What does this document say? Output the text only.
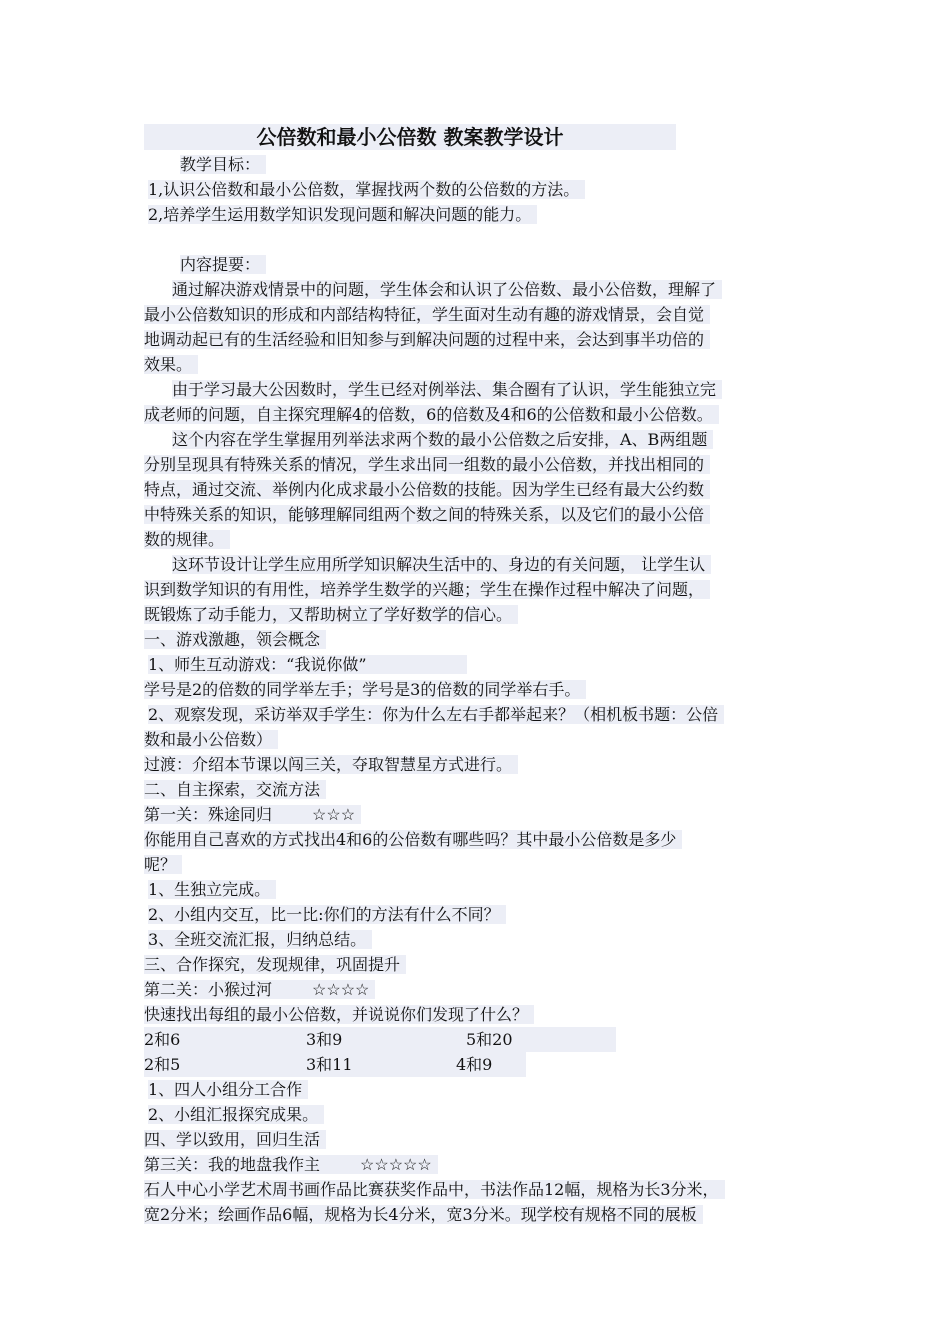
公倍数和最小公倍数 教案教学设计
教学目标：
1,认识公倍数和最小公倍数，掌握找两个数的公倍数的方法。
2,培养学生运用数学知识发现问题和解决问题的能力。
内容提要：
通过解决游戏情景中的问题，学生体会和认识了公倍数、最小公倍数，理解了
最小公倍数知识的形成和内部结构特征，学生面对生动有趣的游戏情景，会自觉
地调动起已有的生活经验和旧知参与到解决问题的过程中来，会达到事半功倍的
效果。
由于学习最大公因数时，学生已经对例举法、集合圈有了认识，学生能独立完
成老师的问题，自主探究理解4的倍数，6的倍数及4和6的公倍数和最小公倍数。
这个内容在学生掌握用列举法求两个数的最小公倍数之后安排，A、B两组题
分别呈现具有特殊关系的情况，学生求出同一组数的最小公倍数，并找出相同的
特点，通过交流、举例内化成求最小公倍数的技能。因为学生已经有最大公约数
中特殊关系的知识，能够理解同组两个数之间的特殊关系，以及它们的最小公倍
数的规律。
这环节设计让学生应用所学知识解决生活中的、身边的有关问题， 让学生认
识到数学知识的有用性，培养学生数学的兴趣；学生在操作过程中解决了问题，
既锻炼了动手能力，又帮助树立了学好数学的信心。
一、游戏激趣，领会概念
1、师生互动游戏：“我说你做”
学号是2的倍数的同学举左手；学号是3的倍数的同学举右手。
2、观察发现，采访举双手学生：你为什么左右手都举起来？（相机板书题：公倍
数和最小公倍数）
过渡：介绍本节课以闯三关，夺取智慧星方式进行。
二、自主探索，交流方法
第一关：殊途同归	☆☆☆
你能用自己喜欢的方式找出4和6的公倍数有哪些吗？其中最小公倍数是多少
呢？
1、生独立完成。
2、小组内交互，比一比:你们的方法有什么不同？
3、全班交流汇报，归纳总结。
三、合作探究，发现规律，巩固提升
第二关：小猴过河	☆☆☆☆
快速找出每组的最小公倍数，并说说你们发现了什么？
2和6	3和9	5和20
2和5	3和11	4和9
1、四人小组分工合作
2、小组汇报探究成果。
四、学以致用，回归生活
第三关：我的地盘我作主	☆☆☆☆☆
石人中心小学艺术周书画作品比赛获奖作品中，书法作品12幅，规格为长3分米，
宽2分米；绘画作品6幅，规格为长4分米，宽3分米。现学校有规格不同的展板
